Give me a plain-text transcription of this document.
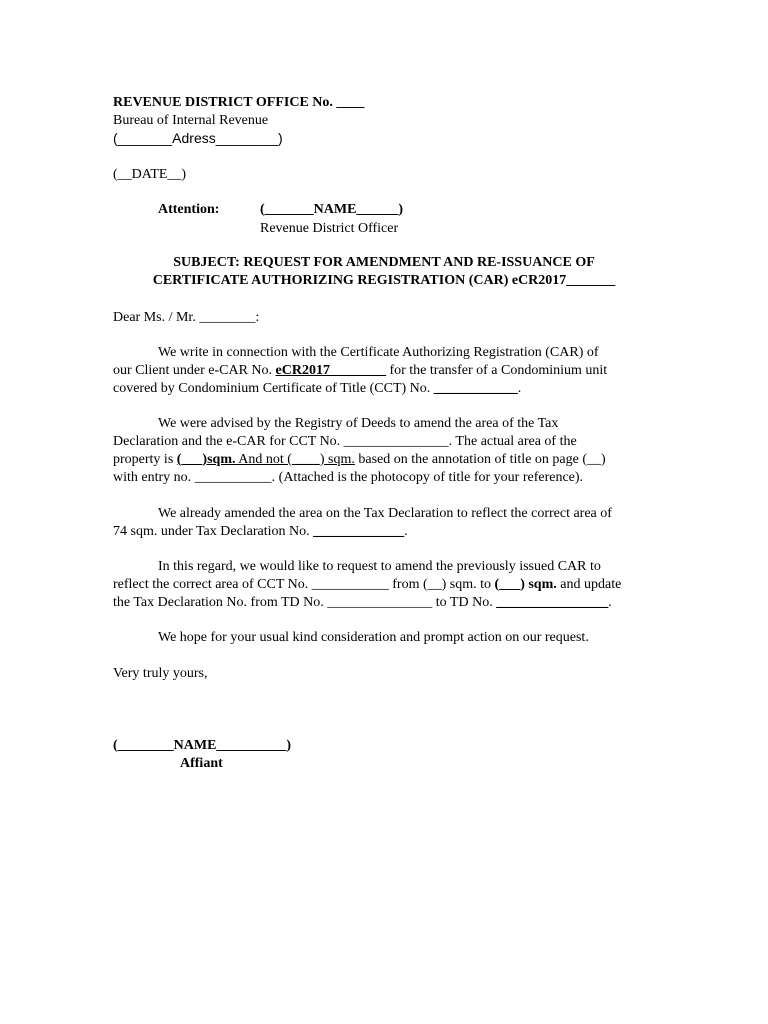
REVENUE DISTRICT OFFICE No. ____
Bureau of Internal Revenue
(_______Adress________)
(__DATE__)
Attention:	(_______NAME______)
Revenue District Officer
SUBJECT: REQUEST FOR AMENDMENT AND RE-ISSUANCE OF
CERTIFICATE AUTHORIZING REGISTRATION (CAR) eCR2017_______
Dear Ms. / Mr. ________:
We write in connection with the Certificate Authorizing Registration (CAR) of
our Client under e-CAR No. eCR2017________ for the transfer of a Condominium unit
covered by Condominium Certificate of Title (CCT) No. ____________.
We were advised by the Registry of Deeds to amend the area of the Tax
Declaration and the e-CAR for CCT No. _______________. The actual area of the
property is (___)sqm. And not (____) sqm. based on the annotation of title on page (__)
with entry no. ___________. (Attached is the photocopy of title for your reference).
We already amended the area on the Tax Declaration to reflect the correct area of
74 sqm. under Tax Declaration No. _____________.
In this regard, we would like to request to amend the previously issued CAR to
reflect the correct area of CCT No. ___________ from (__) sqm. to (___) sqm. and update
the Tax Declaration No. from TD No. _______________ to TD No. ________________.
We hope for your usual kind consideration and prompt action on our request.
Very truly yours,
(________NAME__________)
Affiant
